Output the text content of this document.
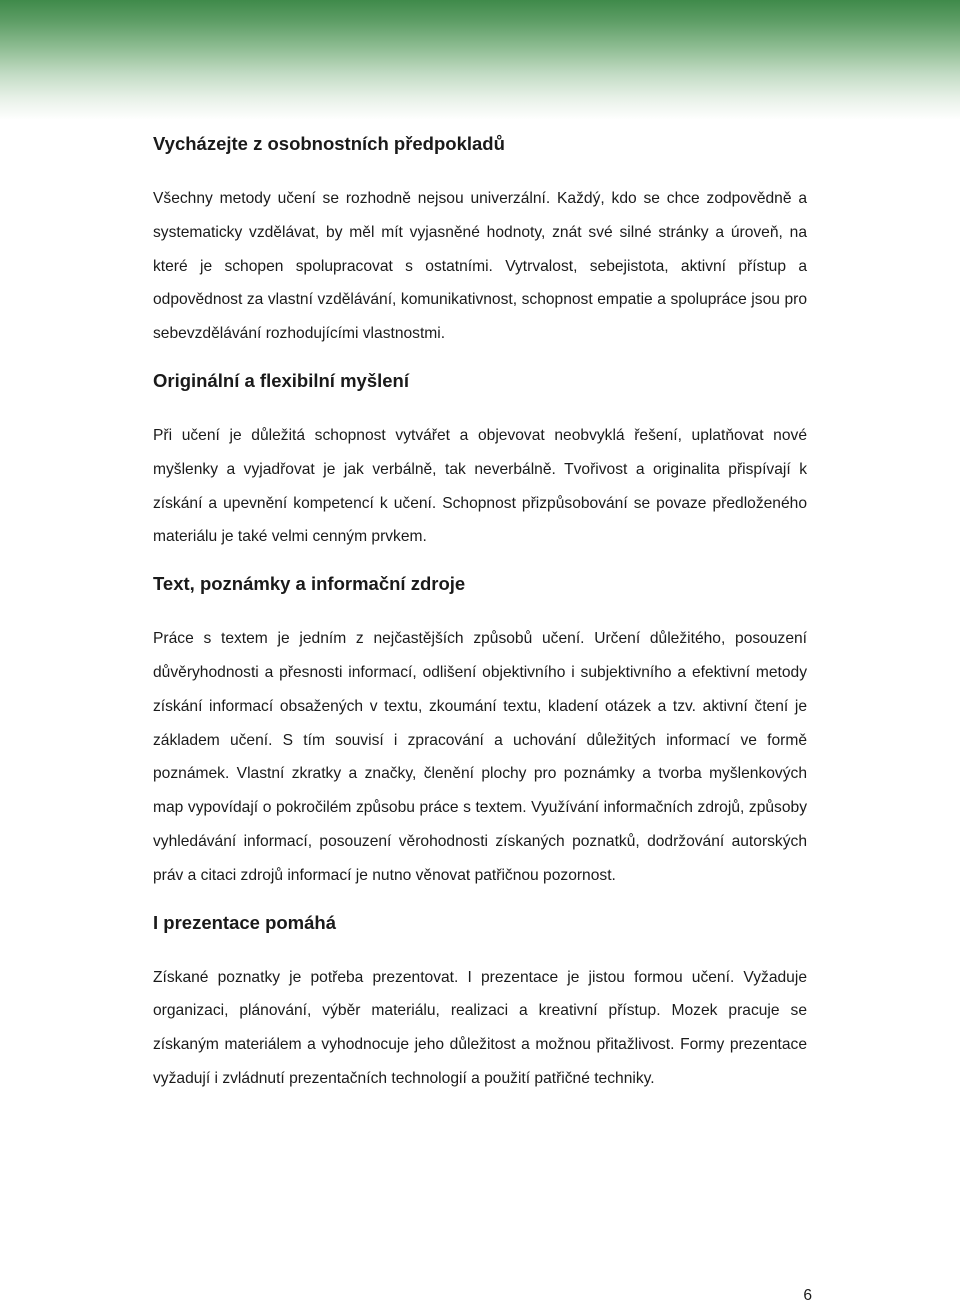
Vycházejte z osobnostních předpokladů

Všechny metody učení se rozhodně nejsou univerzální. Každý, kdo se chce zodpovědně a systematicky vzdělávat, by měl mít vyjasněné hodnoty, znát své silné stránky a úroveň, na které je schopen spolupracovat s ostatními. Vytrvalost, sebejistota, aktivní přístup a odpovědnost za vlastní vzdělávání, komunikativnost, schopnost empatie a spolupráce jsou pro sebevzdělávání rozhodujícími vlastnostmi.

Originální a flexibilní myšlení

Při učení je důležitá schopnost vytvářet a objevovat neobvyklá řešení, uplatňovat nové myšlenky a vyjadřovat je jak verbálně, tak neverbálně. Tvořivost a originalita přispívají k získání a upevnění kompetencí k učení. Schopnost přizpůsobování se povaze předloženého materiálu je také velmi cenným prvkem.

Text, poznámky a informační zdroje

Práce s textem je jedním z nejčastějších způsobů učení. Určení důležitého, posouzení důvěryhodnosti a přesnosti informací, odlišení objektivního i subjektivního a efektivní metody získání informací obsažených v textu, zkoumání textu, kladení otázek a tzv. aktivní čtení je základem učení. S tím souvisí i zpracování a uchování důležitých informací ve formě poznámek. Vlastní zkratky a značky, členění plochy pro poznámky a tvorba myšlenkových map vypovídají o pokročilém způsobu práce s textem. Využívání informačních zdrojů, způsoby vyhledávání informací, posouzení věrohodnosti získaných poznatků, dodržování autorských práv a citaci zdrojů informací je nutno věnovat patřičnou pozornost.

I prezentace pomáhá

Získané poznatky je potřeba prezentovat. I prezentace je jistou formou učení. Vyžaduje organizaci, plánování, výběr materiálu, realizaci a kreativní přístup. Mozek pracuje se získaným materiálem a vyhodnocuje jeho důležitost a možnou přitažlivost. Formy prezentace vyžadují i zvládnutí prezentačních technologií a použití patřičné techniky.

6
